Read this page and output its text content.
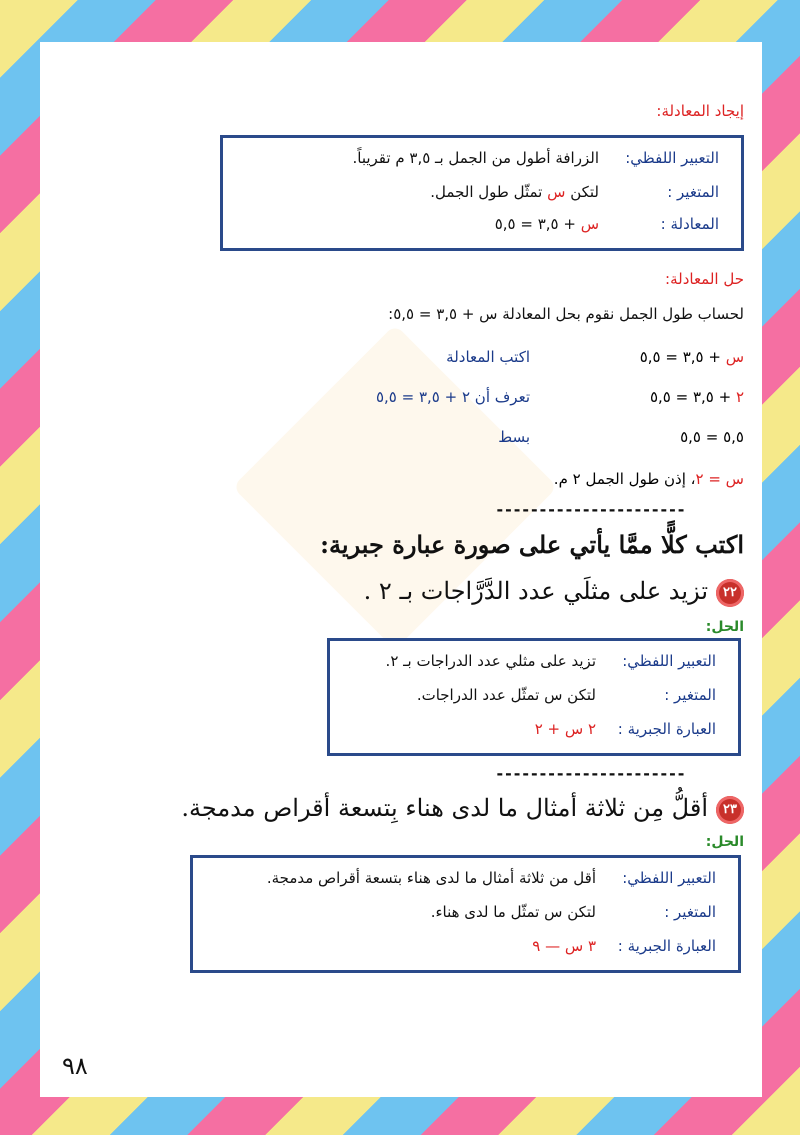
إيجاد المعادلة:
التعبير اللفظي:
الزرافة أطول من الجمل بـ ٣,٥ م تقريباً.
المتغير :
لتكن س تمثّل طول الجمل.
المعادلة :
س + ٣,٥ = ٥,٥
حل المعادلة:
لحساب طول الجمل نقوم بحل المعادلة س + ٣,٥ = ٥,٥:
س + ٣,٥ = ٥,٥
اكتب المعادلة
٢ + ٣,٥ = ٥,٥
تعرف أن ٢ + ٣,٥ = ٥,٥
٥,٥ = ٥,٥
بسط
س = ٢، إذن طول الجمل ٢ م.
----------------------
اكتب كلًّا ممَّا يأتي على صورة عبارة جبرية:
٢٢تزيد على مثلَي عدد الدَّرَّاجات بـ ٢ .
الحل:
التعبير اللفظي:
تزيد على مثلي عدد الدراجات بـ ٢.
المتغير :
لتكن س تمثّل عدد الدراجات.
العبارة الجبرية :
٢ س + ٢
----------------------
٢٣أقلُّ مِن ثلاثة أمثال ما لدى هناء بِتسعة أقراص مدمجة.
الحل:
التعبير اللفظي:
أقل من ثلاثة أمثال ما لدى هناء بتسعة أقراص مدمجة.
المتغير :
لتكن س تمثّل ما لدى هناء.
العبارة الجبرية :
٣ س — ٩
٩٨
